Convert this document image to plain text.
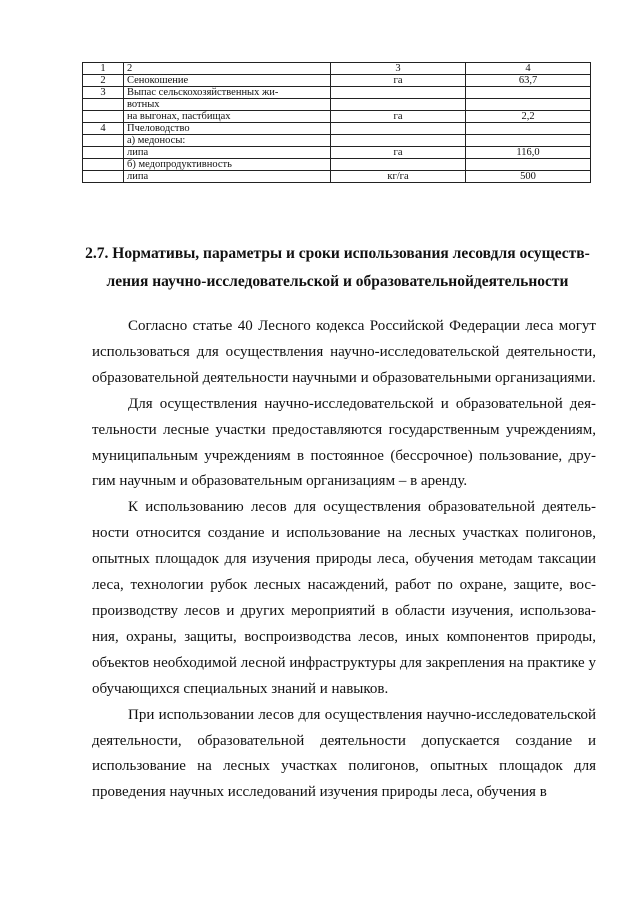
1	2	3	4
2	Сенокошение	га	63,7
3	Выпас сельскохозяйственных жи-		
	вотных		
	на выгонах, пастбищах	га	2,2
4	Пчеловодство		
	а) медоносы:		
	липа	га	116,0
	б) медопродуктивность		
	липа	кг/га	500
2.7. Нормативы, параметры и сроки использования лесовдля осуществ-
ления научно-исследовательской и образовательнойдеятельности

Согласно статье 40 Лесного кодекса Российской Федерации леса могут использоваться для осуществления научно-исследовательской деятельности, образовательной деятельности научными и образовательными организациями.

Для осуществления научно-исследовательской и образовательной деятельности лесные участки предоставляются государственным учреждениям, муниципальным учреждениям в постоянное (бессрочное) пользование, другим научным и образовательным организациям – в аренду.

К использованию лесов для осуществления образовательной деятельности относится создание и использование на лесных участках полигонов, опытных площадок для изучения природы леса, обучения методам таксации леса, технологии рубок лесных насаждений, работ по охране, защите, воспроизводству лесов и других мероприятий в области изучения, использования, охраны, защиты, воспроизводства лесов, иных компонентов природы, объектов необходимой лесной инфраструктуры для закрепления на практике у обучающихся специальных знаний и навыков.

При использовании лесов для осуществления научно-исследовательской деятельности, образовательной деятельности допускается создание и использование на лесных участках полигонов, опытных площадок для проведения научных исследований изучения природы леса, обучения в
